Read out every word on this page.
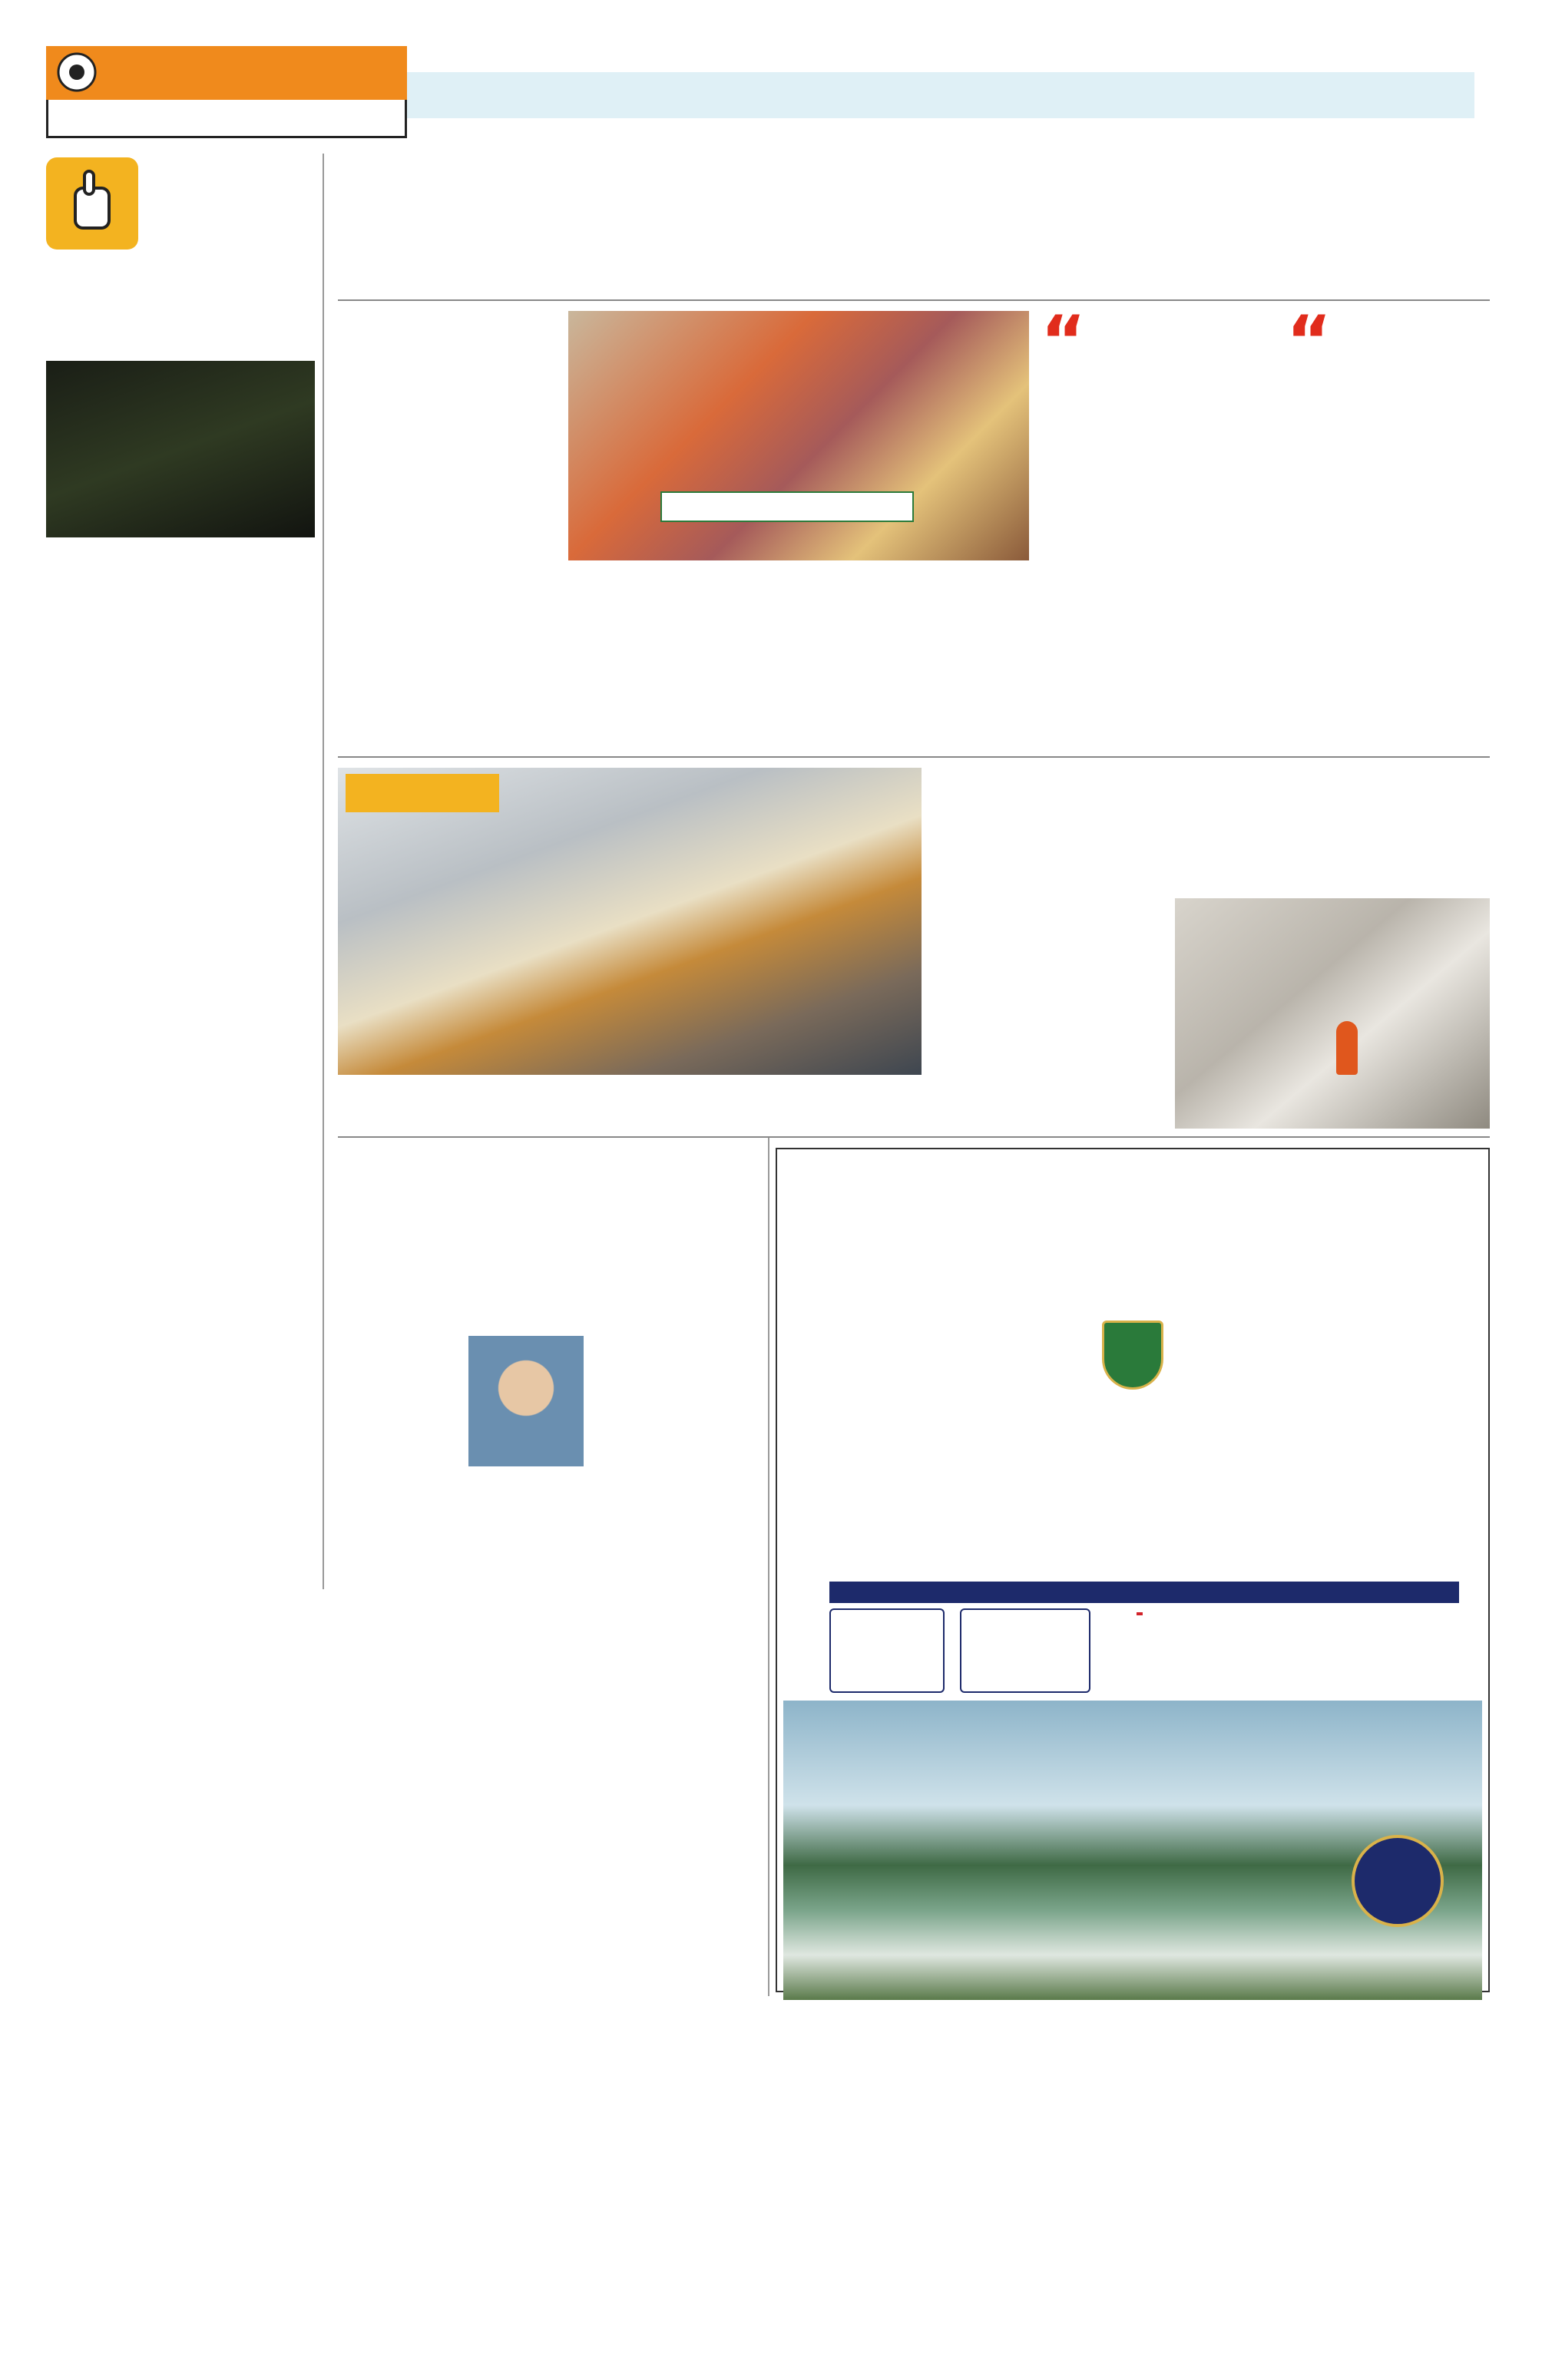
“	“
